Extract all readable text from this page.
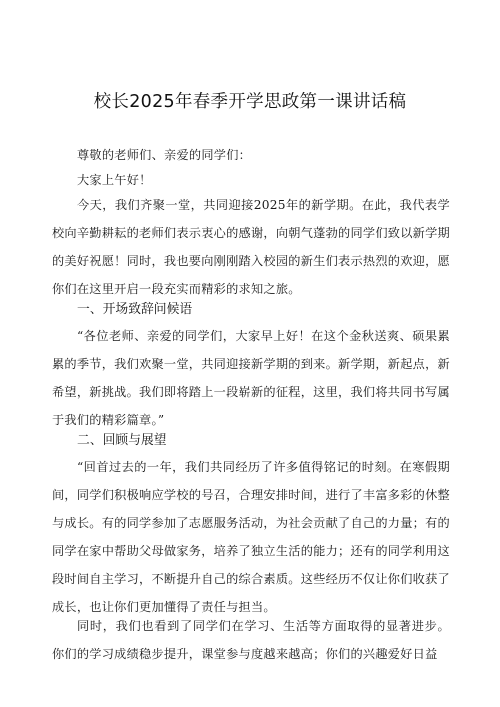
校长2025年春季开学思政第一课讲话稿
尊敬的老师们、亲爱的同学们：
大家上午好！
今天，我们齐聚一堂，共同迎接2025年的新学期。在此，我代表学校向辛勤耕耘的老师们表示衷心的感谢，向朝气蓬勃的同学们致以新学期的美好祝愿！同时，我也要向刚刚踏入校园的新生们表示热烈的欢迎，愿你们在这里开启一段充实而精彩的求知之旅。
一、开场致辞问候语
“各位老师、亲爱的同学们，大家早上好！在这个金秋送爽、硕果累累的季节，我们欢聚一堂，共同迎接新学期的到来。新学期，新起点，新希望，新挑战。我们即将踏上一段崭新的征程，这里，我们将共同书写属于我们的精彩篇章。”
二、回顾与展望
“回首过去的一年，我们共同经历了许多值得铭记的时刻。在寒假期间，同学们积极响应学校的号召，合理安排时间，进行了丰富多彩的休整与成长。有的同学参加了志愿服务活动，为社会贡献了自己的力量；有的同学在家中帮助父母做家务，培养了独立生活的能力；还有的同学利用这段时间自主学习，不断提升自己的综合素质。这些经历不仅让你们收获了成长，也让你们更加懂得了责任与担当。
同时，我们也看到了同学们在学习、生活等方面取得的显著进步。你们的学习成绩稳步提升，课堂参与度越来越高；你们的兴趣爱好日益
